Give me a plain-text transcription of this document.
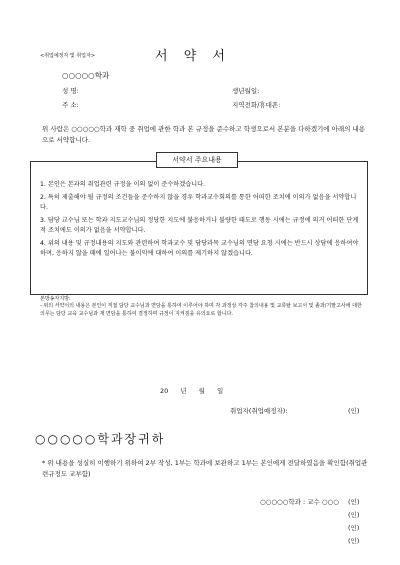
<취업예정자 및 취업자>	서 약 서
○○○○○학과
성 명:
주 소:
생년월일:
지역전화/휴대폰:
위 사람은 ○○○○○학과 재학 중 취업에 관한 학과 본 규정을 준수하고 학생으로서 본분을 다하겠기에 아래의 내용으로 서약합니다.
서약서 주요내용

1. 본인은 본과의 취업관련 규정을 이의 없이 준수하겠습니다.

2. 특히 제출해야 될 규정의 조건들을 준수하지 않을 경우 학과교수회의를 통한 어떠한 조치에 이의가 없음을 서약합니다.

3. 담당 교수님 또는 학과 지도교수님의 정당한 지도에 불응하거나 불량한 태도로 행동 시에는 규정에 의거 어떠한 단계적 조치에도 이의가 없음을 서약합니다.

4. 위의 내용 및 규정내용의 지도와 관련하여 학과교수 및 담당과목 교수님의 면담 요청 시에는 반드시 상담에 응하여야 하며, 응하지 않을 때에 일어나는 불이익에 대하여 이의를 제기하지 않겠습니다.

본방송자지방:
- 위의 서약서의 내용은 본인이 직접 담당 교수님과 면담을 통하여 이루어야 하며 각 과정상 각주 참의내용 및 교류탈 보고서 및 졸과/기말고사에 대한 의무는 담당 교육 교수님과 재 면담을 통하여 결정하며 규정이 지켜짐을 유의요로 합니다.
20 년 월 일
취업자(취업예정자):	(인)
○○○○○학과장귀하
* 위 내용을 성실히 이행하기 위하여 2부 작성, 1부는 학과에 보관하고 1부는 본인에게 전달하였음을 확인함(취업관련규정도 교부함)
○○○○○학과 : 교수 ○○○ (인)
(인)
(인)
(인)
